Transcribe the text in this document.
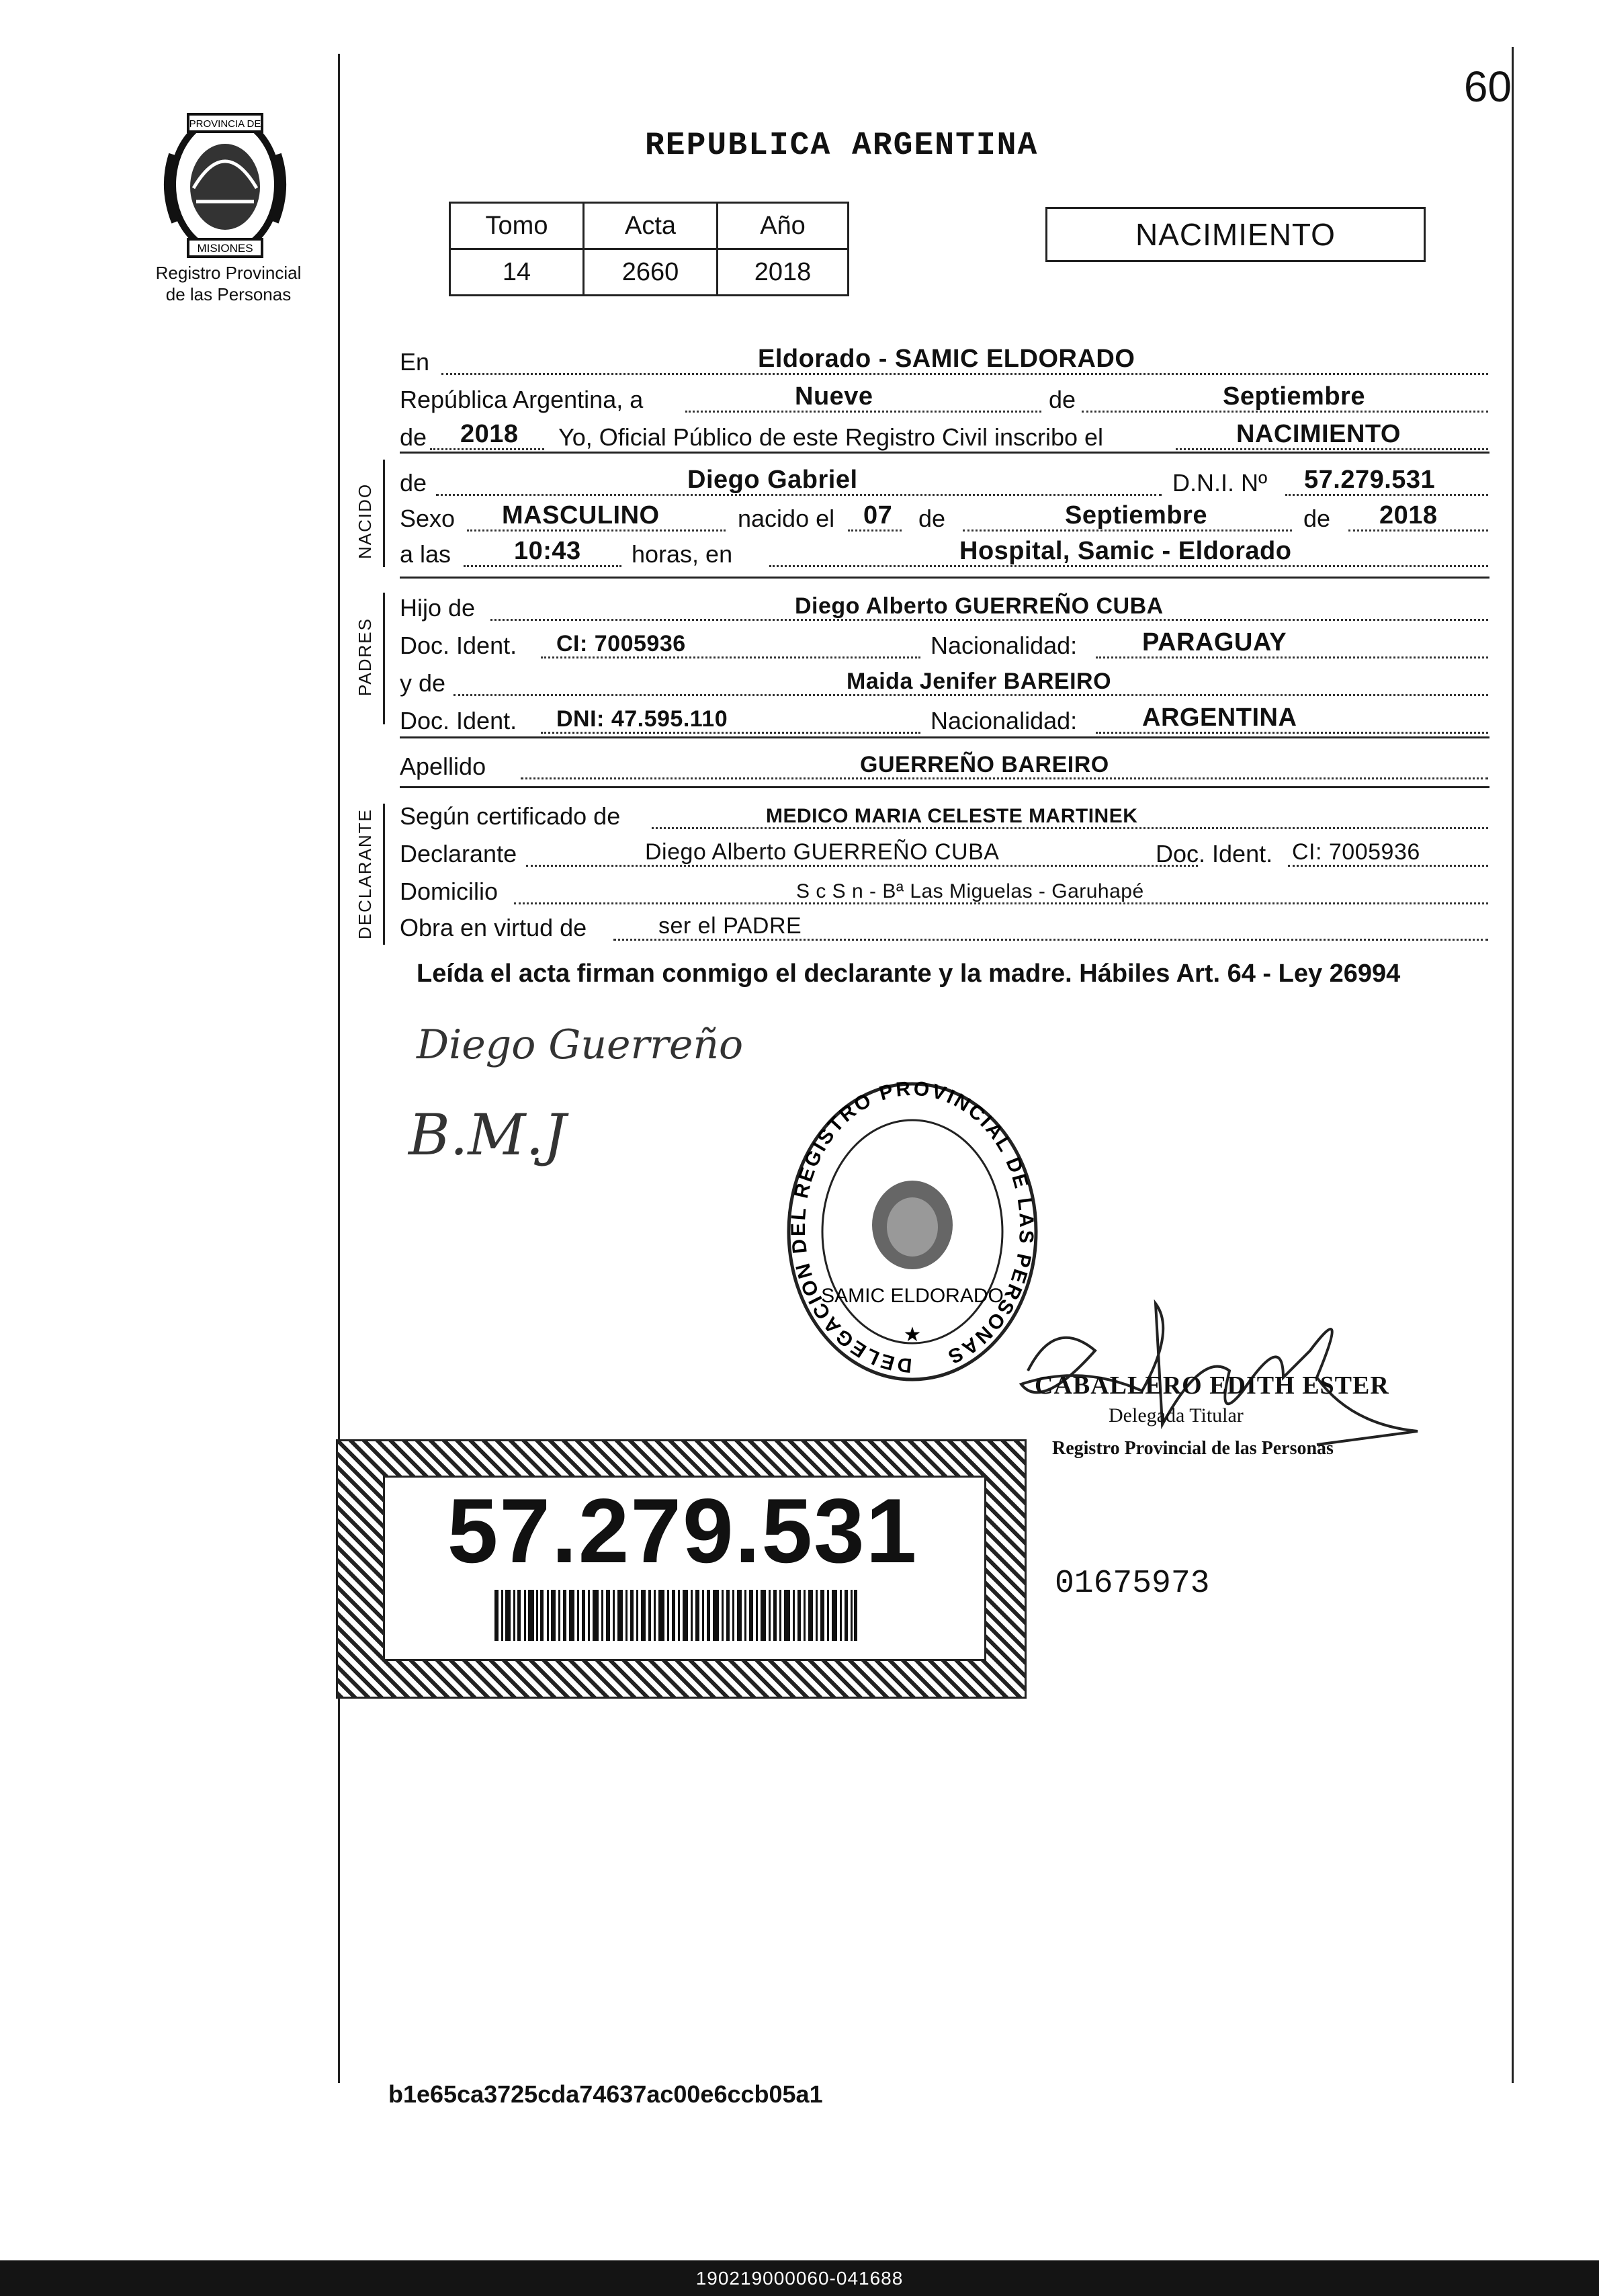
60
REPUBLICA ARGENTINA
PROVINCIA DE
MISIONES
Registro Provincial
de las Personas
Tomo	Acta	Año
14	2660	2018
NACIMIENTO
En	Eldorado - SAMIC ELDORADO
República Argentina, a	Nueve	de	Septiembre
de 2018 Yo, Oficial Público de este Registro Civil inscribo el	NACIMIENTO
NACIDO
de	Diego Gabriel	D.N.I. Nº 57.279.531
Sexo MASCULINO	nacido el 07 de	Septiembre	de 2018
a las 10:43 horas, en	Hospital, Samic - Eldorado
PADRES
Hijo de	Diego Alberto GUERREÑO CUBA
Doc. Ident. CI: 7005936	Nacionalidad:	PARAGUAY
y de	Maida Jenifer BAREIRO
Doc. Ident. DNI: 47.595.110	Nacionalidad:	ARGENTINA
Apellido	GUERREÑO BAREIRO
DECLARANTE Según certificado de	MEDICO MARIA CELESTE MARTINEK
Declarante	Diego Alberto GUERREÑO CUBA	Doc. Ident. CI: 7005936
Domicilio	S c S n - Bª Las Miguelas - Garuhapé
Obra en virtud de	ser el PADRE
Leída el acta firman conmigo el declarante y la madre. Hábiles Art. 64 - Ley 26994
Diego Guerreño
B.M.J
DELEGACION DEL REGISTRO PROVINCIAL DE LAS PERSONAS
SAMIC ELDORADO
★
CABALLERO EDITH ESTER
Delegada Titular
Registro Provincial de las Personas
57.279.531
01675973
b1e65ca3725cda74637ac00e6ccb05a1
190219000060-041688
